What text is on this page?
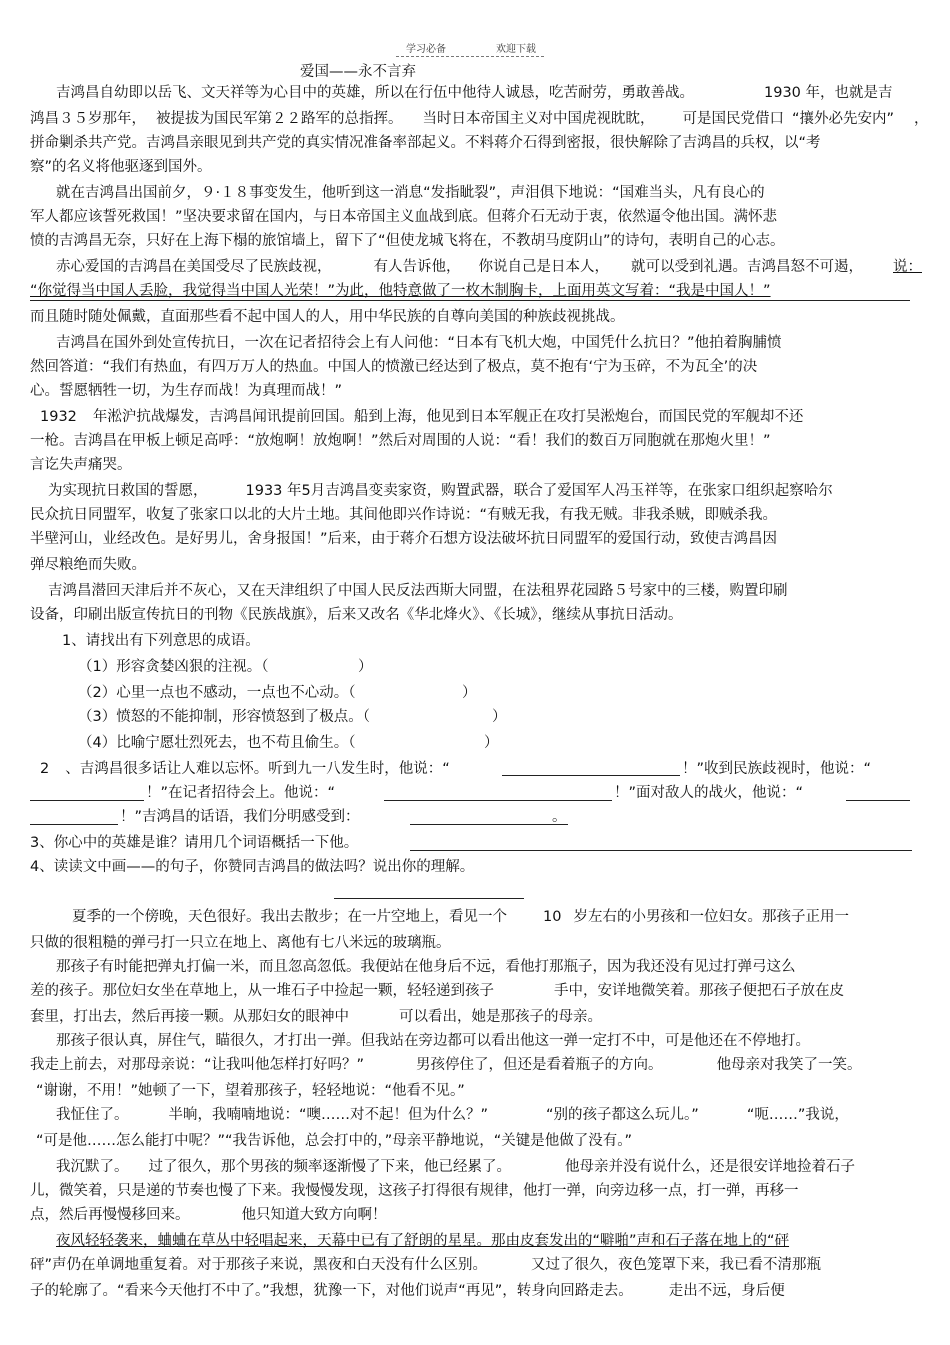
学习必备	欢迎下载
爱国——永不言弃
吉鸿昌自幼即以岳飞、文天祥等为心目中的英雄，所以在行伍中他待人诚恳，吃苦耐劳，勇敢善战。	1930 年，也就是吉
鸿昌３５岁那年， 被提拔为国民军第２２路军的总指挥。 当时日本帝国主义对中国虎视眈眈， 可是国民党借口 “攘外必先安内” ，
拼命剿杀共产党。吉鸿昌亲眼见到共产党的真实情况准备率部起义。不料蒋介石得到密报，很快解除了吉鸿昌的兵权，以“考
察”的名义将他驱逐到国外。
就在吉鸿昌出国前夕，９·１８事变发生，他听到这一消息“发指眦裂”，声泪俱下地说：“国难当头，凡有良心的
军人都应该誓死救国！”坚决要求留在国内，与日本帝国主义血战到底。但蒋介石无动于衷，依然逼令他出国。满怀悲
愤的吉鸿昌无奈，只好在上海下榻的旅馆墙上，留下了“但使龙城飞将在，不教胡马度阴山”的诗句，表明自己的心志。
赤心爱国的吉鸿昌在美国受尽了民族歧视，	有人告诉他， 你说自己是日本人， 就可以受到礼遇。吉鸿昌怒不可遏， 说：
“你觉得当中国人丢脸，我觉得当中国人光荣！”为此，他特意做了一枚木制胸卡，上面用英文写着：“我是中国人！”
而且随时随处佩戴，直面那些看不起中国人的人，用中华民族的自尊向美国的种族歧视挑战。
吉鸿昌在国外到处宣传抗日，一次在记者招待会上有人问他：“日本有飞机大炮，中国凭什么抗日？”他拍着胸脯愤
然回答道：“我们有热血，有四万万人的热血。中国人的愤激已经达到了极点，莫不抱有‘宁为玉碎，不为瓦全’的决
心。誓愿牺牲一切，为生存而战！为真理而战！”
1932 年淞沪抗战爆发，吉鸿昌闻讯提前回国。船到上海，他见到日本军舰正在攻打吴淞炮台，而国民党的军舰却不还
一枪。吉鸿昌在甲板上顿足高呼：“放炮啊！放炮啊！”然后对周围的人说：“看！我们的数百万同胞就在那炮火里！”
言讫失声痛哭。
为实现抗日救国的誓愿，	1933 年5月吉鸿昌变卖家资，购置武器，联合了爱国军人冯玉祥等，在张家口组织起察哈尔
民众抗日同盟军，收复了张家口以北的大片土地。其间他即兴作诗说：“有贼无我，有我无贼。非我杀贼，即贼杀我。
半壁河山，业经改色。是好男儿，舍身报国！”后来，由于蒋介石想方设法破坏抗日同盟军的爱国行动，致使吉鸿昌因
弹尽粮绝而失败。
吉鸿昌潜回天津后并不灰心，又在天津组织了中国人民反法西斯大同盟，在法租界花园路５号家中的三楼，购置印刷
设备，印刷出版宣传抗日的刊物《民族战旗》，后来又改名《华北烽火》、《长城》，继续从事抗日活动。
1、请找出有下列意思的成语。
（1）形容贪婪凶狠的注视。（	）
（2）心里一点也不感动，一点也不心动。（	）
（3）愤怒的不能抑制，形容愤怒到了极点。（	）
（4）比喻宁愿壮烈死去，也不苟且偷生。（	）
2 、吉鸿昌很多话让人难以忘怀。听到九一八发生时，他说：“	！”收到民族歧视时，他说：“
！”在记者招待会上。他说：“	！”面对敌人的战火，他说：“
！”吉鸿昌的话语，我们分明感受到：	。
3、你心中的英雄是谁？请用几个词语概括一下他。
4、读读文中画——的句子，你赞同吉鸿昌的做法吗？说出你的理解。
夏季的一个傍晚，天色很好。我出去散步；在一片空地上，看见一个 10 岁左右的小男孩和一位妇女。那孩子正用一
只做的很粗糙的弹弓打一只立在地上、离他有七八米远的玻璃瓶。
那孩子有时能把弹丸打偏一米，而且忽高忽低。我便站在他身后不远，看他打那瓶子，因为我还没有见过打弹弓这么
差的孩子。那位妇女坐在草地上，从一堆石子中捡起一颗，轻轻递到孩子	手中，安详地微笑着。那孩子便把石子放在皮
套里，打出去，然后再接一颗。从那妇女的眼神中	可以看出，她是那孩子的母亲。
那孩子很认真，屏住气，瞄很久，才打出一弹。但我站在旁边都可以看出他这一弹一定打不中，可是他还在不停地打。
我走上前去，对那母亲说：“让我叫他怎样打好吗？”	男孩停住了，但还是看着瓶子的方向。	他母亲对我笑了一笑。
“谢谢，不用！”她顿了一下，望着那孩子，轻轻地说：“他看不见。”
我怔住了。	半晌，我喃喃地说：“噢……对不起！但为什么？”	“别的孩子都这么玩儿。”	“呃……”我说，
“可是他……怎么能打中呢？”“我告诉他，总会打中的，”母亲平静地说，“关键是他做了没有。”
我沉默了。 过了很久，那个男孩的频率逐渐慢了下来，他已经累了。	他母亲并没有说什么，还是很安详地捡着石子
儿，微笑着，只是递的节奏也慢了下来。我慢慢发现，这孩子打得很有规律，他打一弹，向旁边移一点，打一弹，再移一
点，然后再慢慢移回来。	他只知道大致方向啊！
夜风轻轻袭来，蛐蛐在草丛中轻唱起来，天幕中已有了舒朗的星星。那由皮套发出的“噼啪”声和石子落在地上的“砰
砰”声仍在单调地重复着。对于那孩子来说，黑夜和白天没有什么区别。	又过了很久，夜色笼罩下来，我已看不清那瓶
子的轮廓了。“看来今天他打不中了。”我想，犹豫一下，对他们说声“再见”，转身向回路走去。 走出不远，身后便
